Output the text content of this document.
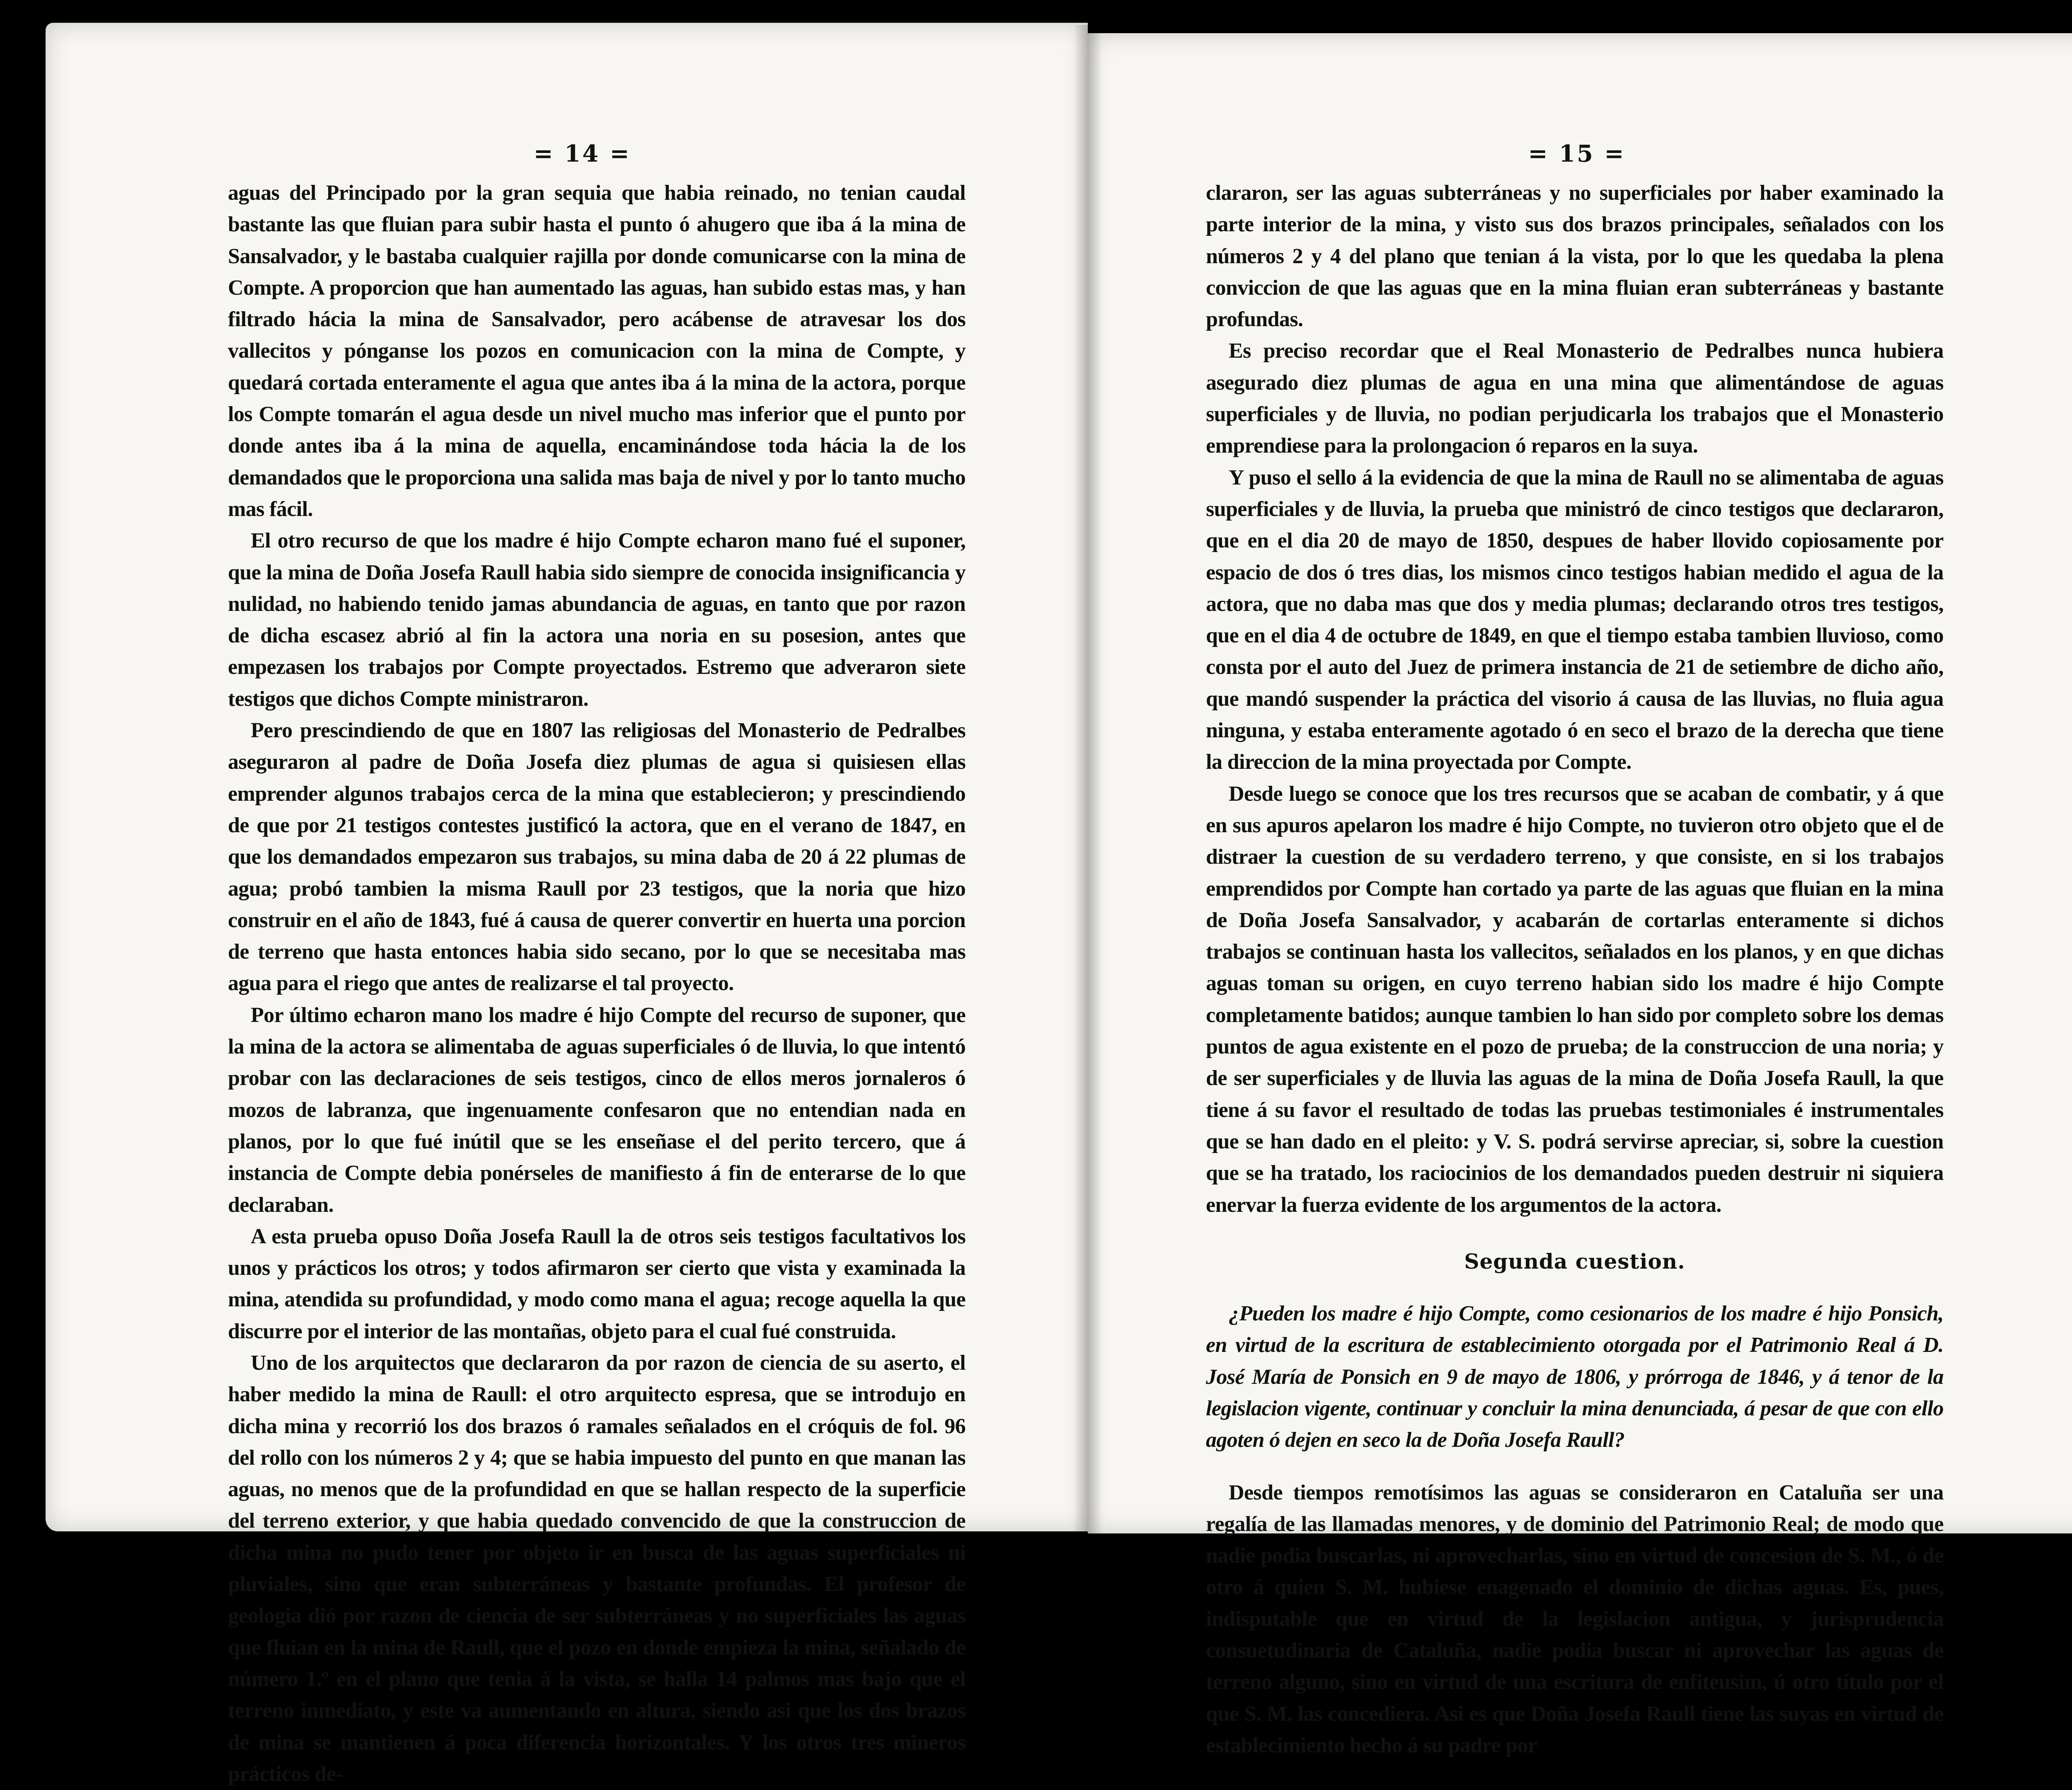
= 14 =	= 15 =

aguas del Principado por la gran sequia que habia reinado, no tenian caudal bastante las que fluian para subir hasta el punto ó ahugero que iba á la mina de Sansalvador, y le bastaba cualquier rajilla por donde comunicarse con la mina de Compte. A proporcion que han aumentado las aguas, han subido estas mas, y han filtrado hácia la mina de Sansalvador, pero acábense de atravesar los dos vallecitos y pónganse los pozos en comunicacion con la mina de Compte, y quedará cortada enteramente el agua que antes iba á la mina de la actora, porque los Compte tomarán el agua desde un nivel mucho mas inferior que el punto por donde antes iba á la mina de aquella, encaminándose toda hácia la de los demandados que le proporciona una salida mas baja de nivel y por lo tanto mucho mas fácil.

El otro recurso de que los madre é hijo Compte echaron mano fué el suponer, que la mina de Doña Josefa Raull habia sido siempre de conocida insignificancia y nulidad, no habiendo tenido jamas abundancia de aguas, en tanto que por razon de dicha escasez abrió al fin la actora una noria en su posesion, antes que empezasen los trabajos por Compte proyectados. Estremo que adveraron siete testigos que dichos Compte ministraron.

Pero prescindiendo de que en 1807 las religiosas del Monasterio de Pedralbes aseguraron al padre de Doña Josefa diez plumas de agua si quisiesen ellas emprender algunos trabajos cerca de la mina que establecieron; y prescindiendo de que por 21 testigos contestes justificó la actora, que en el verano de 1847, en que los demandados empezaron sus trabajos, su mina daba de 20 á 22 plumas de agua; probó tambien la misma Raull por 23 testigos, que la noria que hizo construir en el año de 1843, fué á causa de querer convertir en huerta una porcion de terreno que hasta entonces habia sido secano, por lo que se necesitaba mas agua para el riego que antes de realizarse el tal proyecto.

Por último echaron mano los madre é hijo Compte del recurso de suponer, que la mina de la actora se alimentaba de aguas superficiales ó de lluvia, lo que intentó probar con las declaraciones de seis testigos, cinco de ellos meros jornaleros ó mozos de labranza, que ingenuamente confesaron que no entendian nada en planos, por lo que fué inútil que se les enseñase el del perito tercero, que á instancia de Compte debia ponérseles de manifiesto á fin de enterarse de lo que declaraban.

A esta prueba opuso Doña Josefa Raull la de otros seis testigos facultativos los unos y prácticos los otros; y todos afirmaron ser cierto que vista y examinada la mina, atendida su profundidad, y modo como mana el agua; recoge aquella la que discurre por el interior de las montañas, objeto para el cual fué construida.

Uno de los arquitectos que declararon da por razon de ciencia de su aserto, el haber medido la mina de Raull: el otro arquitecto espresa, que se introdujo en dicha mina y recorrió los dos brazos ó ramales señalados en el cróquis de fol. 96 del rollo con los números 2 y 4; que se habia impuesto del punto en que manan las aguas, no menos que de la profundidad en que se hallan respecto de la superficie del terreno exterior, y que habia quedado convencido de que la construccion de dicha mina no pudo tener por objeto ir en busca de las aguas superficiales ni pluviales, sino que eran subterráneas y bastante profundas. El profesor de geologia dió por razon de ciencia de ser subterráneas y no superficiales las aguas que fluian en la mina de Raull, que el pozo en donde empieza la mina, señalado de número 1.º en el plano que tenia á la vista, se halla 14 palmos mas bajo que el terreno inmediato, y este va aumentando en altura, siendo asi que los dos brazos de mina se mantienen á poca diferencia horizontales. Y los otros tres mineros prácticos de-

clararon, ser las aguas subterráneas y no superficiales por haber examinado la parte interior de la mina, y visto sus dos brazos principales, señalados con los números 2 y 4 del plano que tenian á la vista, por lo que les quedaba la plena conviccion de que las aguas que en la mina fluian eran subterráneas y bastante profundas.

Es preciso recordar que el Real Monasterio de Pedralbes nunca hubiera asegurado diez plumas de agua en una mina que alimentándose de aguas superficiales y de lluvia, no podian perjudicarla los trabajos que el Monasterio emprendiese para la prolongacion ó reparos en la suya.

Y puso el sello á la evidencia de que la mina de Raull no se alimentaba de aguas superficiales y de lluvia, la prueba que ministró de cinco testigos que declararon, que en el dia 20 de mayo de 1850, despues de haber llovido copiosamente por espacio de dos ó tres dias, los mismos cinco testigos habian medido el agua de la actora, que no daba mas que dos y media plumas; declarando otros tres testigos, que en el dia 4 de octubre de 1849, en que el tiempo estaba tambien lluvioso, como consta por el auto del Juez de primera instancia de 21 de setiembre de dicho año, que mandó suspender la práctica del visorio á causa de las lluvias, no fluia agua ninguna, y estaba enteramente agotado ó en seco el brazo de la derecha que tiene la direccion de la mina proyectada por Compte.

Desde luego se conoce que los tres recursos que se acaban de combatir, y á que en sus apuros apelaron los madre é hijo Compte, no tuvieron otro objeto que el de distraer la cuestion de su verdadero terreno, y que consiste, en si los trabajos emprendidos por Compte han cortado ya parte de las aguas que fluian en la mina de Doña Josefa Sansalvador, y acabarán de cortarlas enteramente si dichos trabajos se continuan hasta los vallecitos, señalados en los planos, y en que dichas aguas toman su origen, en cuyo terreno habian sido los madre é hijo Compte completamente batidos; aunque tambien lo han sido por completo sobre los demas puntos de agua existente en el pozo de prueba; de la construccion de una noria; y de ser superficiales y de lluvia las aguas de la mina de Doña Josefa Raull, la que tiene á su favor el resultado de todas las pruebas testimoniales é instrumentales que se han dado en el pleito: y V. S. podrá servirse apreciar, si, sobre la cuestion que se ha tratado, los raciocinios de los demandados pueden destruir ni siquiera enervar la fuerza evidente de los argumentos de la actora.

Segunda cuestion.

¿Pueden los madre é hijo Compte, como cesionarios de los madre é hijo Ponsich, en virtud de la escritura de establecimiento otorgada por el Patrimonio Real á D. José María de Ponsich en 9 de mayo de 1806, y prórroga de 1846, y á tenor de la legislacion vigente, continuar y concluir la mina denunciada, á pesar de que con ello agoten ó dejen en seco la de Doña Josefa Raull?

Desde tiempos remotísimos las aguas se consideraron en Cataluña ser una regalía de las llamadas menores, y de dominio del Patrimonio Real; de modo que nadie podia buscarlas, ni aprovecharlas, sino en virtud de concesion de S. M., ó de otro á quien S. M. hubiese enagenado el dominio de dichas aguas. Es, pues, indisputable que en virtud de la legislacion antigua, y jurisprudencia consuetudinaria de Cataluña, nadie podia buscar ni aprovechar las aguas de terreno alguno, sino en virtud de una escritura de enfiteusim, ú otro título por el que S. M. las concediera. Asi es que Doña Josefa Raull tiene las suyas en virtud de establecimiento hecho á su padre por
